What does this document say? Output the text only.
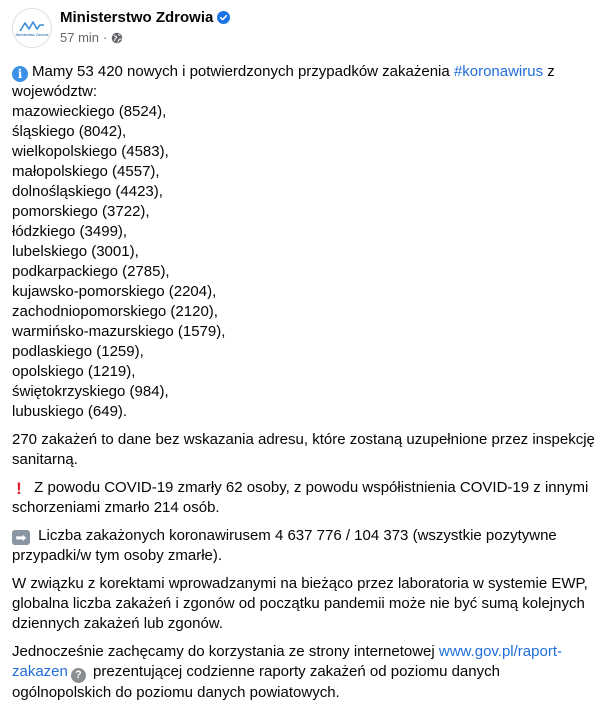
Ministerstwo Zdrowia
Ministerstwo Zdrowia
57 min ·

i Mamy 53 420 nowych i potwierdzonych przypadków zakażenia #koronawirus z województw:
mazowieckiego (8524),
śląskiego (8042),
wielkopolskiego (4583),
małopolskiego (4557),
dolnośląskiego (4423),
pomorskiego (3722),
łódzkiego (3499),
lubelskiego (3001),
podkarpackiego (2785),
kujawsko-pomorskiego (2204),
zachodniopomorskiego (2120),
warmińsko-mazurskiego (1579),
podlaskiego (1259),
opolskiego (1219),
świętokrzyskiego (984),
lubuskiego (649).

270 zakażeń to dane bez wskazania adresu, które zostaną uzupełnione przez inspekcję sanitarną.

! Z powodu COVID-19 zmarły 62 osoby, z powodu współistnienia COVID-19 z innymi schorzeniami zmarło 214 osób.

➡ Liczba zakażonych koronawirusem 4 637 776 / 104 373 (wszystkie pozytywne przypadki/w tym osoby zmarłe).

W związku z korektami wprowadzanymi na bieżąco przez laboratoria w systemie EWP, globalna liczba zakażeń i zgonów od początku pandemii może nie być sumą kolejnych dziennych zakażeń lub zgonów.

Jednocześnie zachęcamy do korzystania ze strony internetowej www.gov.pl/raport-zakazen ? prezentującej codzienne raporty zakażeń od poziomu danych ogólnopolskich do poziomu danych powiatowych.
